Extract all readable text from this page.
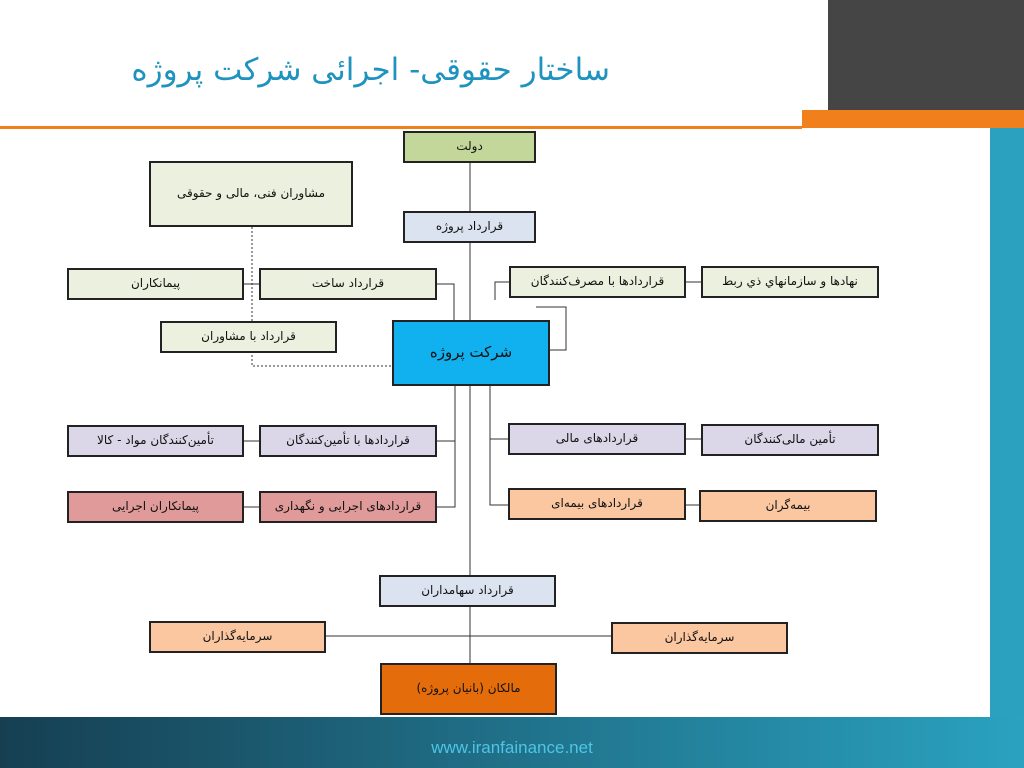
ساختار حقوقی- اجرائی شرکت پروژه
دولت
قرارداد پروژه
مشاوران فنی، مالی و حقوقی
پیمانکاران	قرارداد ساخت
قرارداد با مشاوران
قراردادها با مصرف‌کنندگان	نهادها و سازمانهاي ذي ربط
شرکت پروژه
قراردادها با تأمین‌کنندگان
تأمین‌کنندگان مواد - کالا
قراردادهای اجرایی و نگهداری
پیمانکاران اجرایی
قراردادهای مالی	تأمین مالی‌کنندگان
قراردادهای بیمه‌ای	بیمه‌گران
قرارداد سهامداران
سرمایه‌گذاران	سرمایه‌گذاران
مالکان (بانیان پروژه)
www.iranfainance.net
